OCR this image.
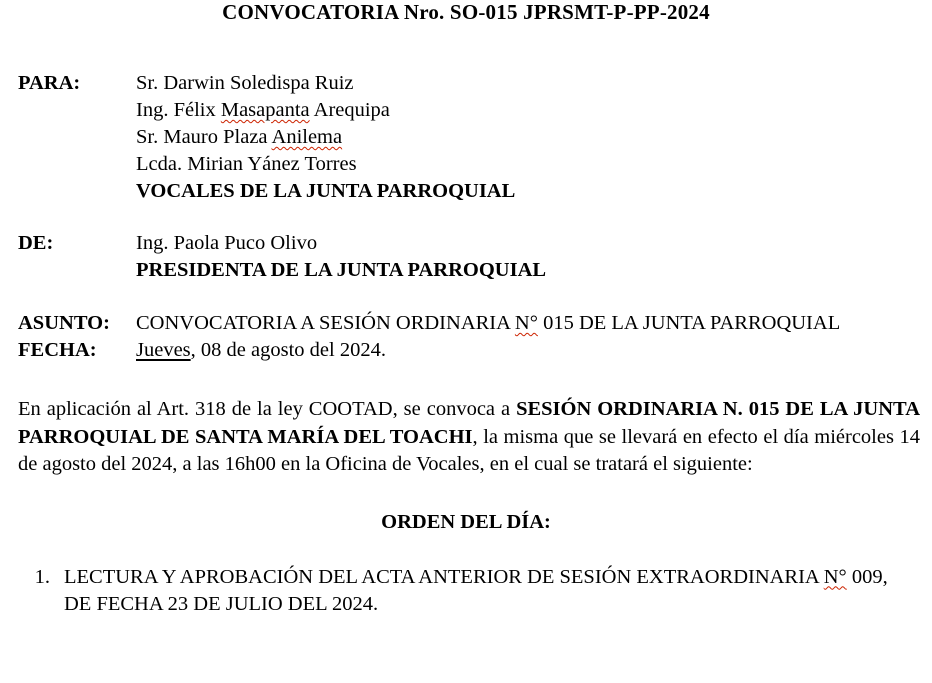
CONVOCATORIA Nro. SO-015 JPRSMT-P-PP-2024
PARA:	Sr. Darwin Soledispa Ruiz
Ing. Félix Masapanta Arequipa
Sr. Mauro Plaza Anilema
Lcda. Mirian Yánez Torres
VOCALES DE LA JUNTA PARROQUIAL
DE:	Ing. Paola Puco Olivo
PRESIDENTA DE LA JUNTA PARROQUIAL
ASUNTO:	CONVOCATORIA A SESIÓN ORDINARIA N° 015 DE LA JUNTA PARROQUIAL
FECHA:	Jueves, 08 de agosto del 2024.

En aplicación al Art. 318 de la ley COOTAD, se convoca a SESIÓN ORDINARIA N. 015 DE LA JUNTA PARROQUIAL DE SANTA MARÍA DEL TOACHI, la misma que se llevará en efecto el día miércoles 14 de agosto del 2024, a las 16h00 en la Oficina de Vocales, en el cual se tratará el siguiente:

ORDEN DEL DÍA:
1. LECTURA Y APROBACIÓN DEL ACTA ANTERIOR DE SESIÓN EXTRAORDINARIA N° 009, DE FECHA 23 DE JULIO DEL 2024.
